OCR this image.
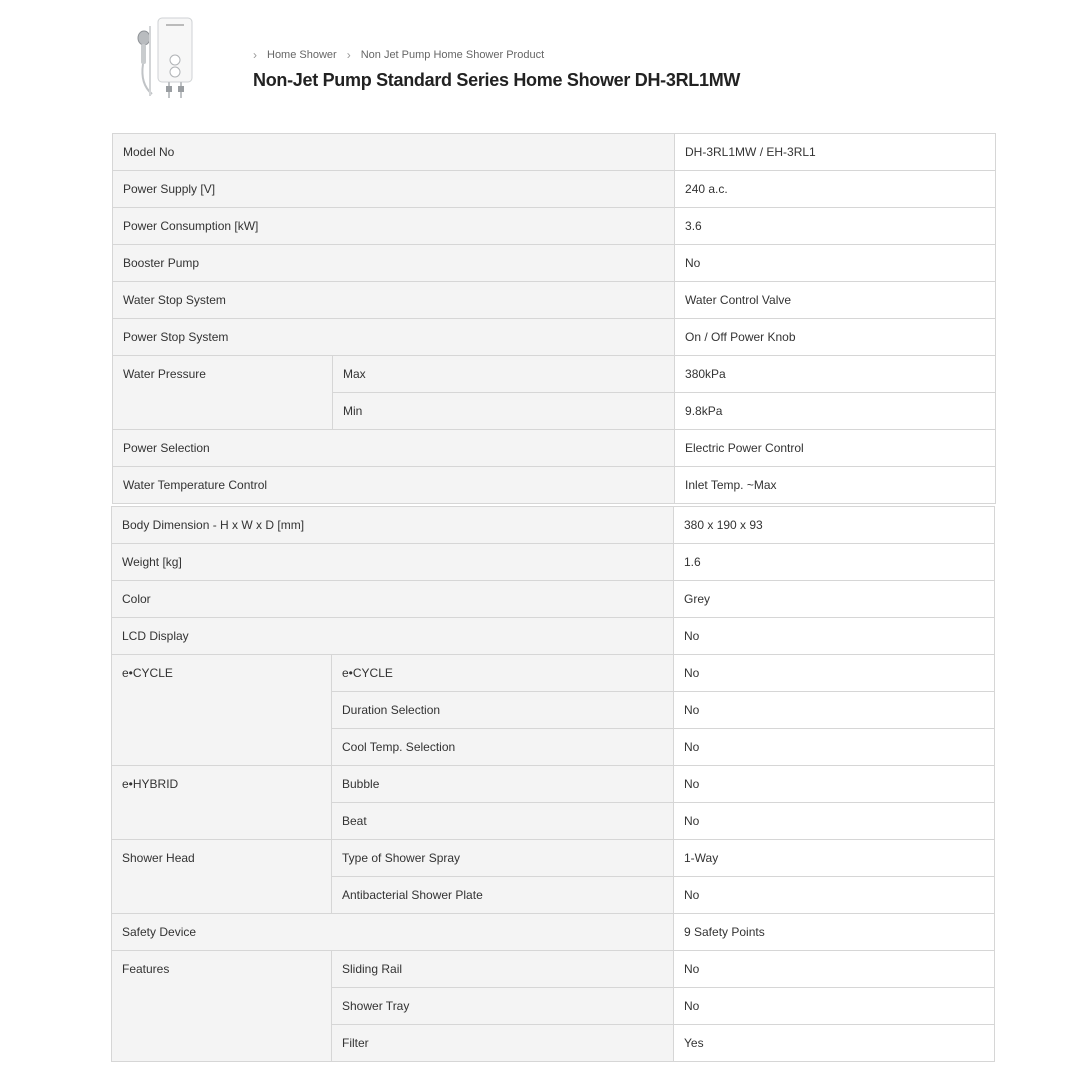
› Home Shower › Non Jet Pump Home Shower Product
Non-Jet Pump Standard Series Home Shower DH-3RL1MW
Model No		DH-3RL1MW / EH-3RL1
Power Supply [V]		240 a.c.
Power Consumption [kW]		3.6
Booster Pump		No
Water Stop System		Water Control Valve
Power Stop System		On / Off Power Knob
Water Pressure	Max	380kPa
	Min	9.8kPa
Power Selection		Electric Power Control
Water Temperature Control		Inlet Temp. ~Max
Body Dimension - H x W x D [mm]		380 x 190 x 93
Weight [kg]		1.6
Color		Grey
LCD Display		No
e•CYCLE	e•CYCLE	No
	Duration Selection	No
	Cool Temp. Selection	No
e•HYBRID	Bubble	No
	Beat	No
Shower Head	Type of Shower Spray	1-Way
	Antibacterial Shower Plate	No
Safety Device		9 Safety Points
Features	Sliding Rail	No
	Shower Tray	No
	Filter	Yes
